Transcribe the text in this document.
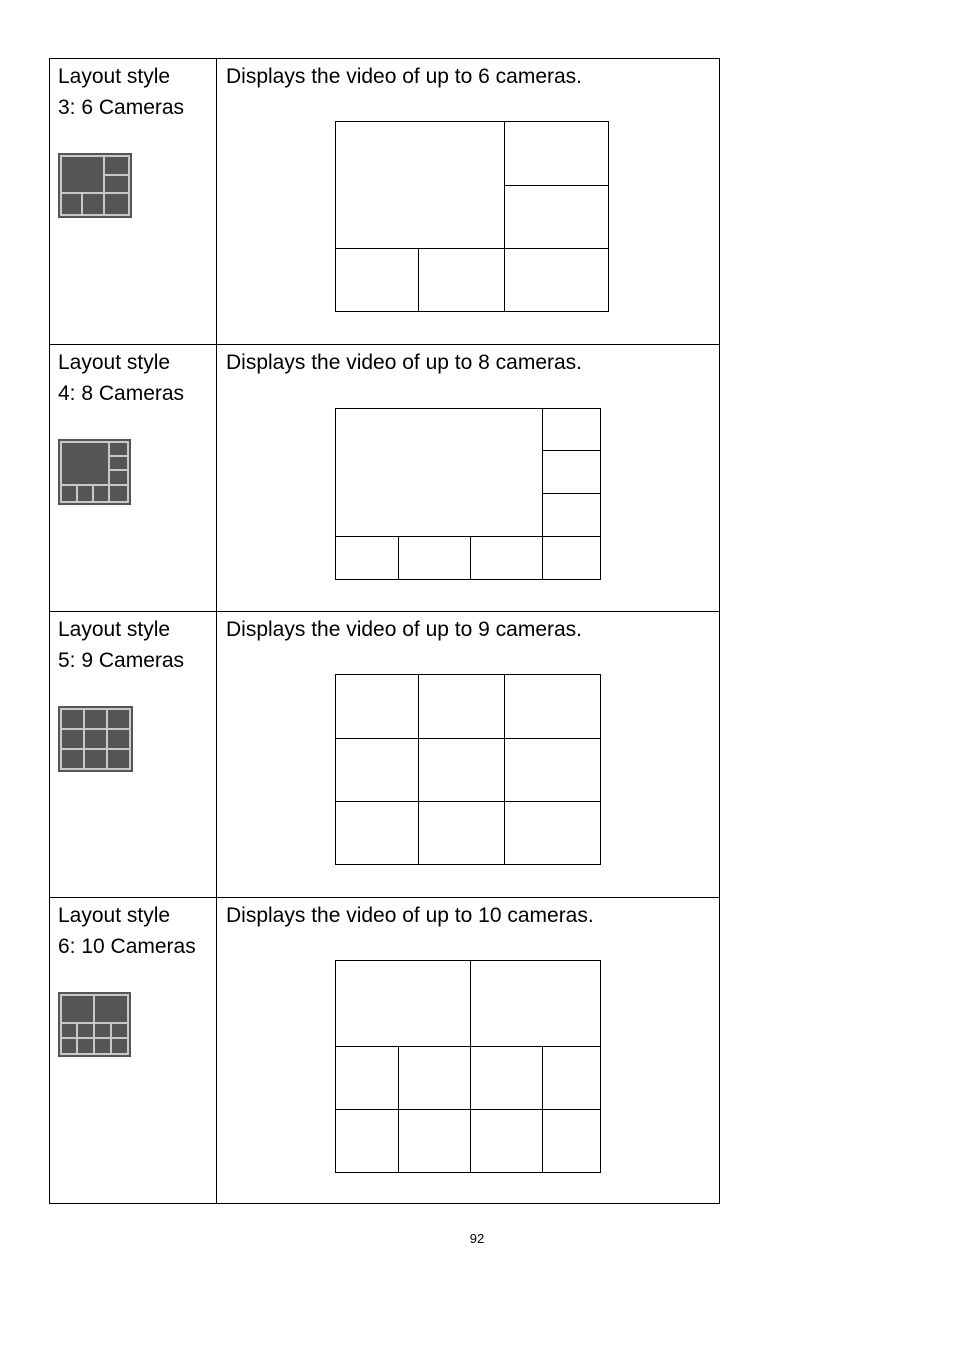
Layout style
3: 6 Cameras
Displays the video of up to 6 cameras.
Layout style
4: 8 Cameras
Displays the video of up to 8 cameras.
Layout style
5: 9 Cameras
Displays the video of up to 9 cameras.
Layout style
6: 10 Cameras
Displays the video of up to 10 cameras.
92
